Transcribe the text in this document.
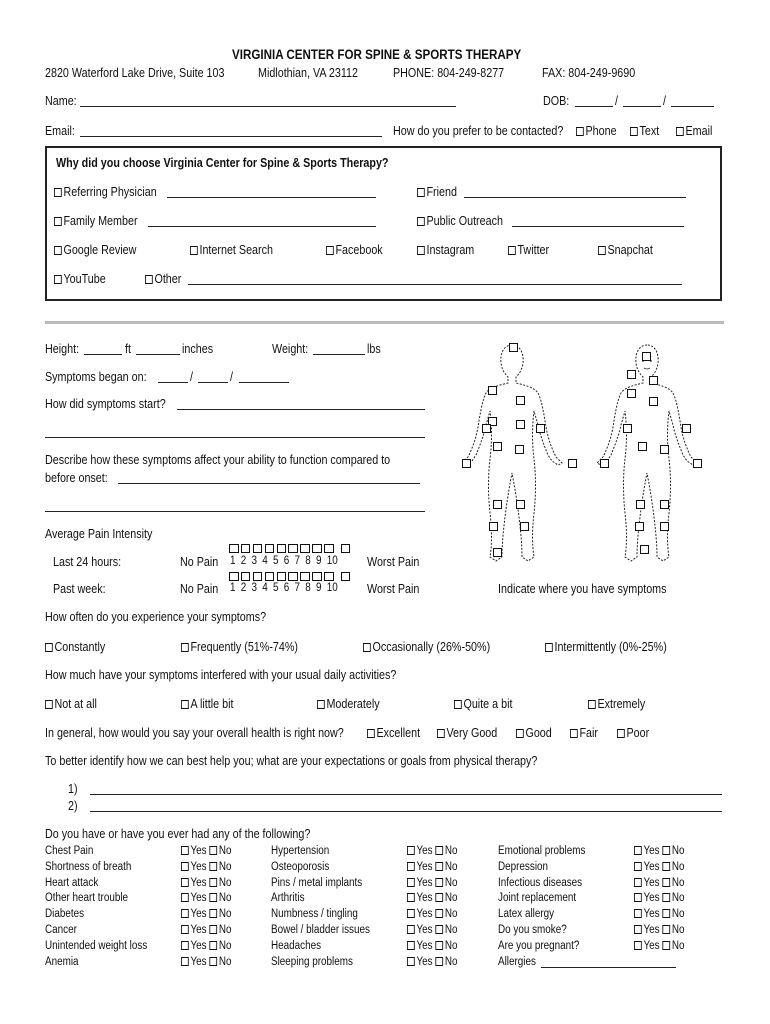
VIRGINIA CENTER FOR SPINE & SPORTS THERAPY
2820 Waterford Lake Drive, Suite 103	Midlothian, VA 23112	PHONE: 804-249-8277	FAX: 804-249-9690
Name:	DOB:	/	/
Email:	How do you prefer to be contacted?	Phone	Text	Email
Why did you choose Virginia Center for Spine & Sports Therapy?
Referring Physician	Friend
Family Member	Public Outreach
Google Review	Internet Search	Facebook	Instagram	Twitter	Snapchat
YouTube	Other
Height:	ft	inches	Weight:	lbs
Symptoms began on:	/	/
How did symptoms start?
Describe how these symptoms affect your ability to function compared to
before onset:
Average Pain Intensity
Last 24 hours:	No Pain 1 2 3 4 5 6 7 8 9 10 Worst Pain
Past week:	No Pain 1 2 3 4 5 6 7 8 9 10 Worst Pain	Indicate where you have symptoms
How often do you experience your symptoms?
Constantly	Frequently (51%-74%)	Occasionally (26%-50%)	Intermittently (0%-25%)
How much have your symptoms interfered with your usual daily activities?
Not at all	A little bit	Moderately	Quite a bit	Extremely
In general, how would you say your overall health is right now?	Excellent	Very Good	Good	Fair	Poor
To better identify how we can best help you; what are your expectations or goals from physical therapy?
1)
2)
Do you have or have you ever had any of the following?
Chest Pain	Yes No
Shortness of breath	Yes No
Heart attack	Yes No
Other heart trouble	Yes No
Diabetes	Yes No
Cancer	Yes No
Unintended weight loss	Yes No
Anemia	Yes No
Hypertension	Yes No
Osteoporosis	Yes No
Pins / metal implants	Yes No
Arthritis	Yes No
Numbness / tingling	Yes No
Bowel / bladder issues	Yes No
Headaches	Yes No
Sleeping problems	Yes No
Emotional problems	Yes No
Depression	Yes No
Infectious diseases	Yes No
Joint replacement	Yes No
Latex allergy	Yes No
Do you smoke?	Yes No
Are you pregnant?	Yes No
Allergies
